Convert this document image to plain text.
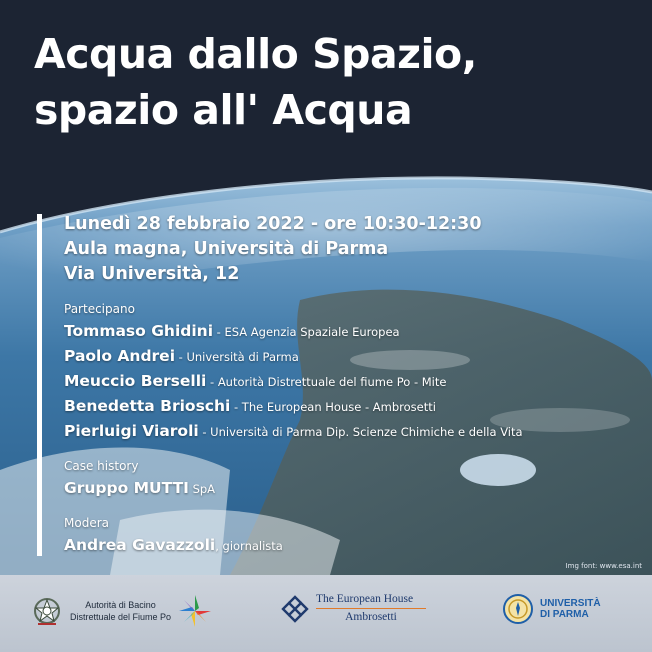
Acqua dallo Spazio,
spazio all' Acqua
Lunedì 28 febbraio 2022 - ore 10:30-12:30
Aula magna, Università di Parma
Via Università, 12
Partecipano
Tommaso Ghidini - ESA Agenzia Spaziale Europea
Paolo Andrei - Università di Parma
Meuccio Berselli - Autorità Distrettuale del fiume Po - Mite
Benedetta Brioschi - The European House - Ambrosetti
Pierluigi Viaroli - Università di Parma Dip. Scienze Chimiche e della Vita
Case history
Gruppo MUTTI SpA
Modera
Andrea Gavazzoli, giornalista
Img font: www.esa.int
Autorità di Bacino
Distrettuale del Fiume Po
The European House
Ambrosetti
UNIVERSITÀ
DI PARMA
